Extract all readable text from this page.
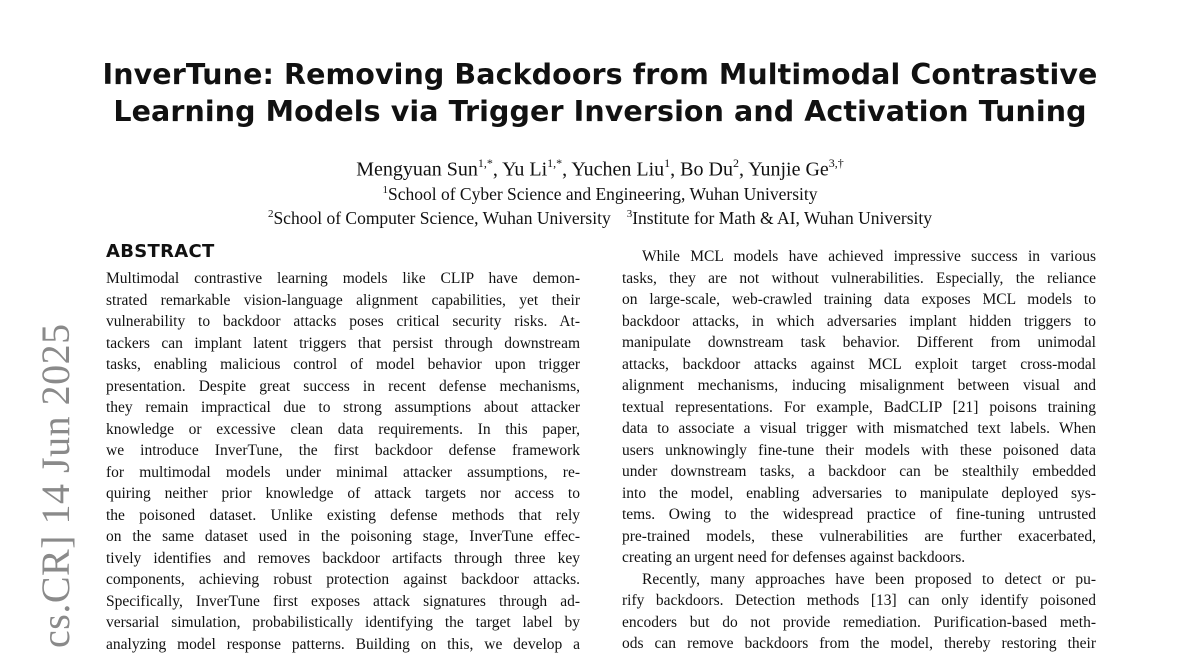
InverTune: Removing Backdoors from Multimodal Contrastive
Learning Models via Trigger Inversion and Activation Tuning
Mengyuan Sun$^{1,*}$, Yu $Li^{1,*}$, Yuchen Liu$^1$, Bo Du$^2$, Yunjie $Ge^{3,\dagger}$
$^1$School of Cyber Science and Engineering, Wuhan University
$^2$School of Computer Science, Wuhan University $^3$Institute for Math & AI, Wuhan University
cs.CR] 14 Jun 2025
ABSTRACT
Multimodal contrastive learning models like CLIP have demon-
strated remarkable vision-language alignment capabilities, yet their
vulnerability to backdoor attacks poses critical security risks. At-
tackers can implant latent triggers that persist through downstream
tasks, enabling malicious control of model behavior upon trigger
presentation. Despite great success in recent defense mechanisms,
they remain impractical due to strong assumptions about attacker
knowledge or excessive clean data requirements. In this paper,
we introduce InverTune, the first backdoor defense framework
for multimodal models under minimal attacker assumptions, re-
quiring neither prior knowledge of attack targets nor access to
the poisoned dataset. Unlike existing defense methods that rely
on the same dataset used in the poisoning stage, InverTune effec-
tively identifies and removes backdoor artifacts through three key
components, achieving robust protection against backdoor attacks.
Specifically, InverTune first exposes attack signatures through ad-
versarial simulation, probabilistically identifying the target label by
analyzing model response patterns. Building on this, we develop a
While MCL models have achieved impressive success in various
tasks, they are not without vulnerabilities. Especially, the reliance
on large-scale, web-crawled training data exposes MCL models to
backdoor attacks, in which adversaries implant hidden triggers to
manipulate downstream task behavior. Different from unimodal
attacks, backdoor attacks against MCL exploit target cross-modal
alignment mechanisms, inducing misalignment between visual and
textual representations. For example, BadCLIP [21] poisons training
data to associate a visual trigger with mismatched text labels. When
users unknowingly fine-tune their models with these poisoned data
under downstream tasks, a backdoor can be stealthily embedded
into the model, enabling adversaries to manipulate deployed sys-
tems. Owing to the widespread practice of fine-tuning untrusted
pre-trained models, these vulnerabilities are further exacerbated,
creating an urgent need for defenses against backdoors.
Recently, many approaches have been proposed to detect or pu-
rify backdoors. Detection methods [13] can only identify poisoned
encoders but do not provide remediation. Purification-based meth-
ods can remove backdoors from the model, thereby restoring their
